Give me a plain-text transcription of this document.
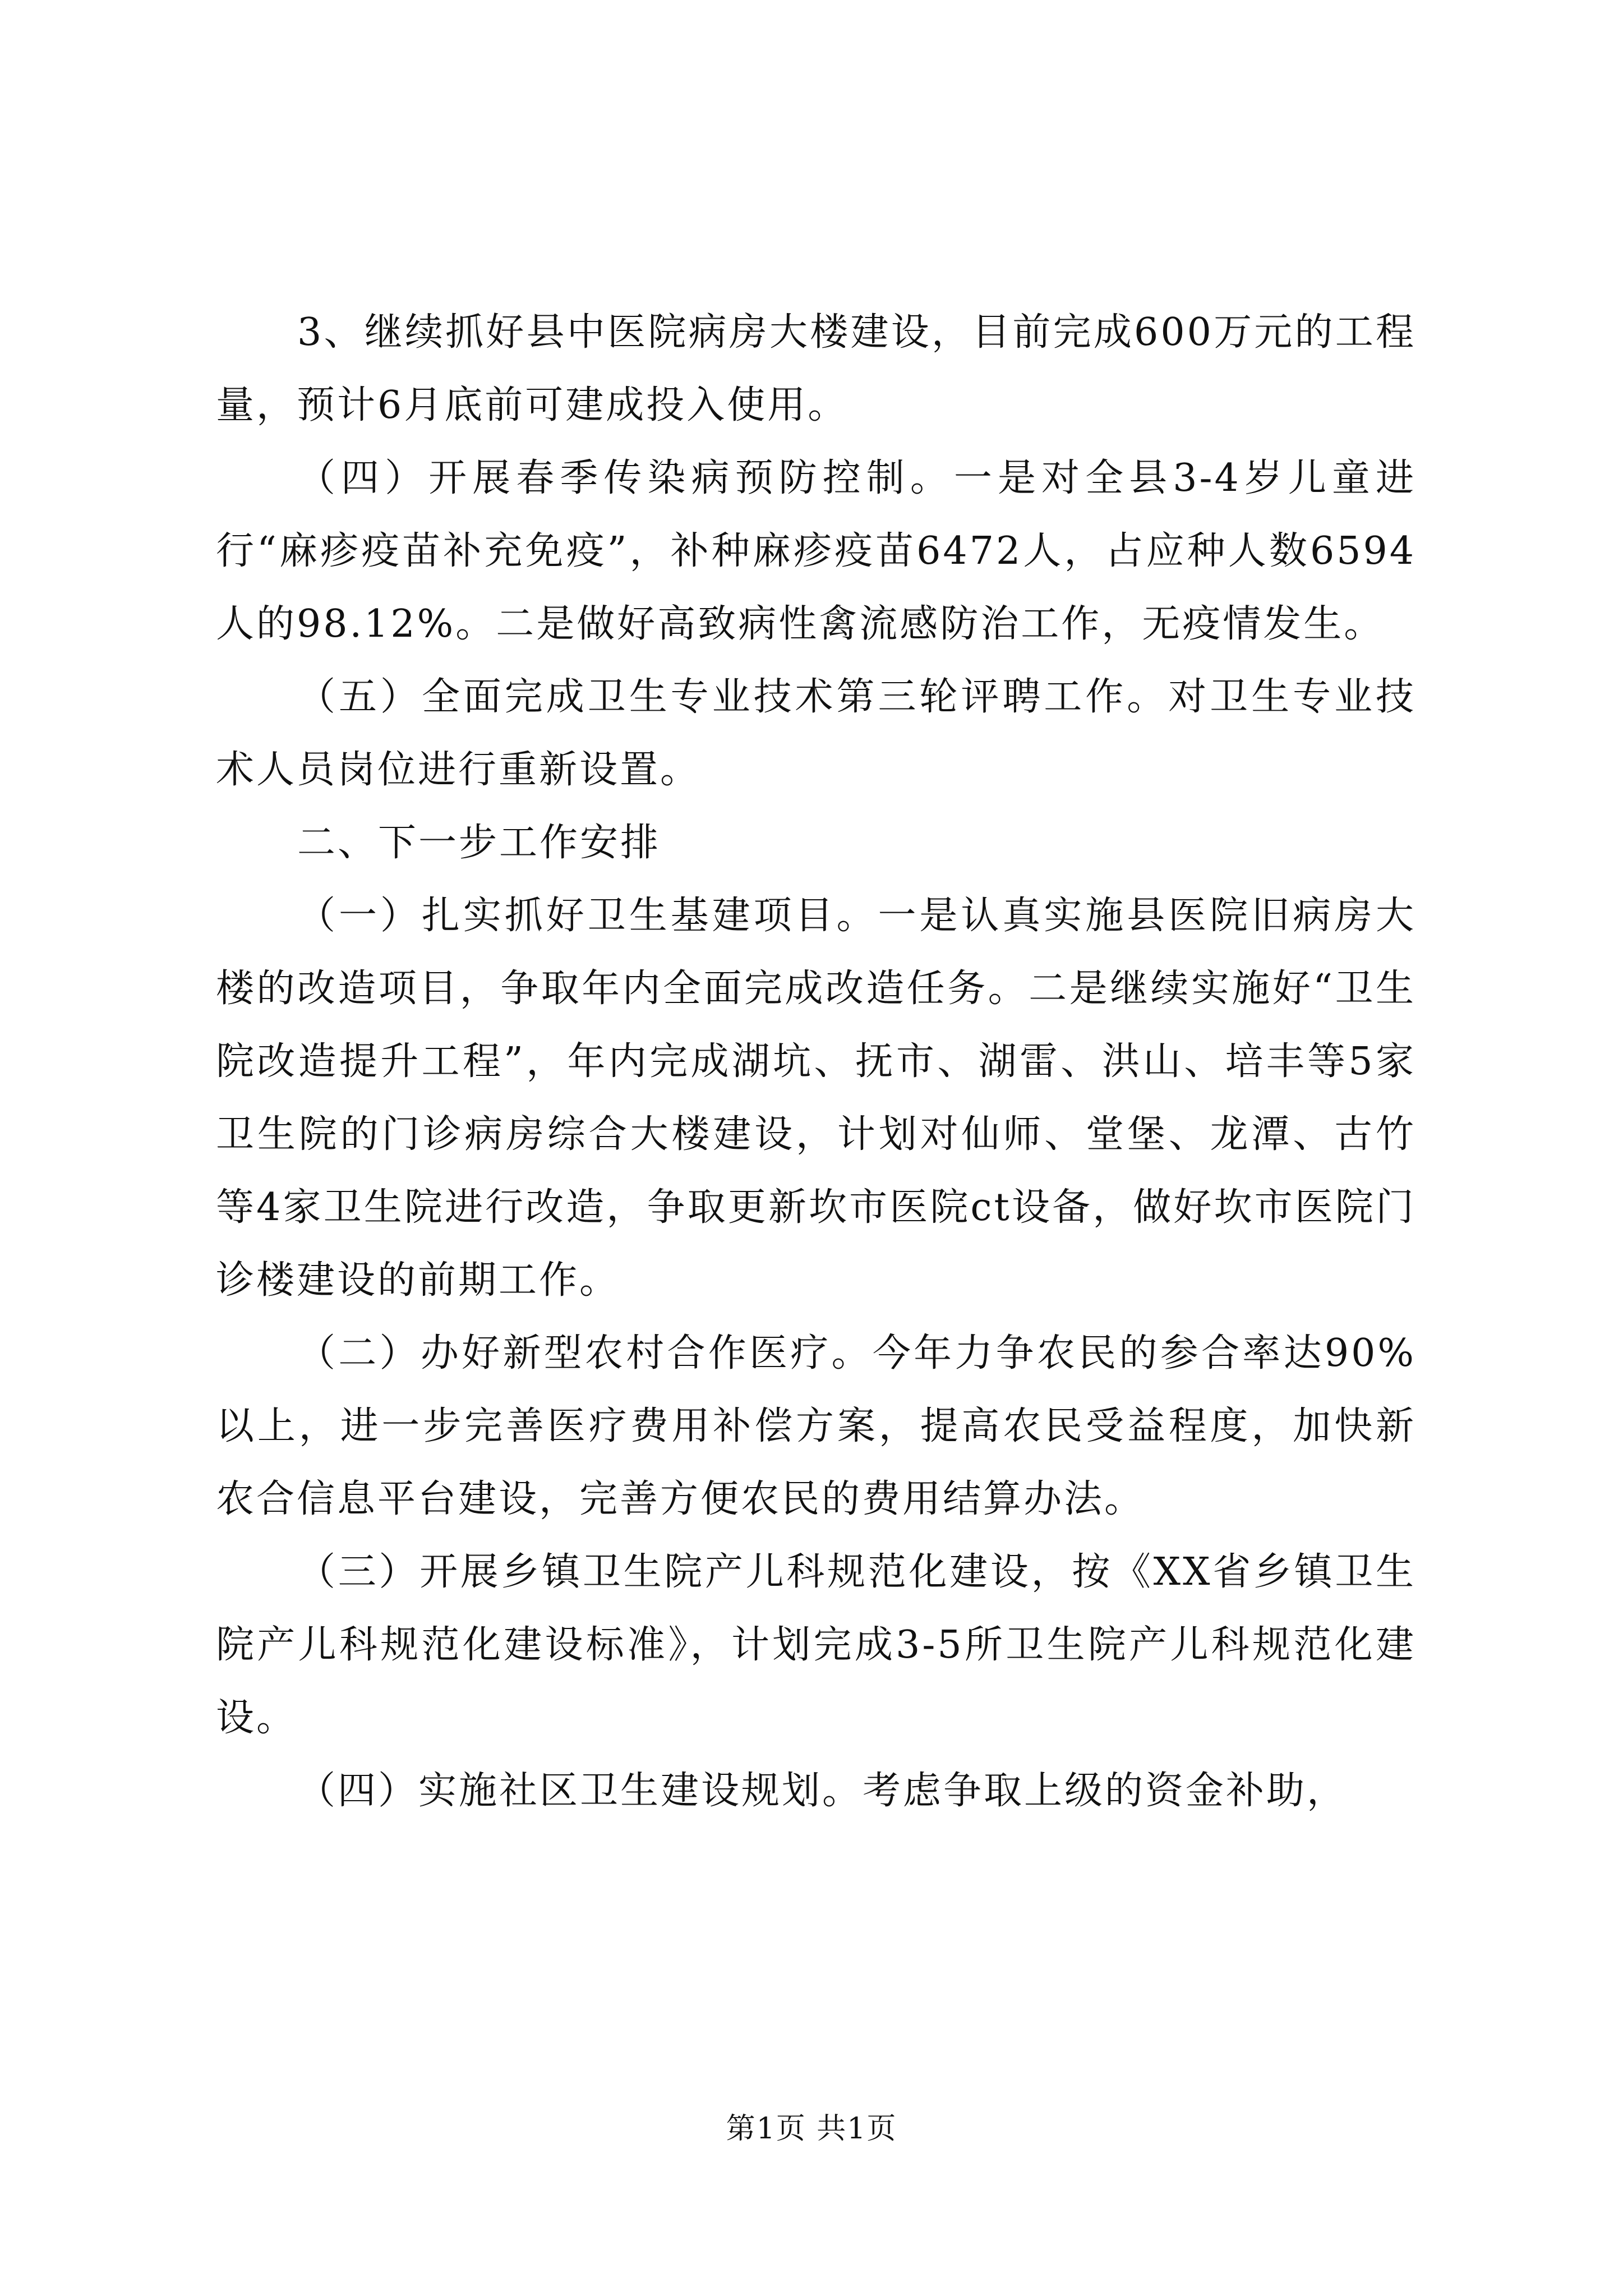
3、继续抓好县中医院病房大楼建设，目前完成600万元的工程量，预计6月底前可建成投入使用。

（四）开展春季传染病预防控制。一是对全县3-4岁儿童进行“麻疹疫苗补充免疫”，补种麻疹疫苗6472人，占应种人数6594人的98.12%。二是做好高致病性禽流感防治工作，无疫情发生。

（五）全面完成卫生专业技术第三轮评聘工作。对卫生专业技术人员岗位进行重新设置。

二、下一步工作安排

（一）扎实抓好卫生基建项目。一是认真实施县医院旧病房大楼的改造项目，争取年内全面完成改造任务。二是继续实施好“卫生院改造提升工程”，年内完成湖坑、抚市、湖雷、洪山、培丰等5家卫生院的门诊病房综合大楼建设，计划对仙师、堂堡、龙潭、古竹等4家卫生院进行改造，争取更新坎市医院ct设备，做好坎市医院门诊楼建设的前期工作。

（二）办好新型农村合作医疗。今年力争农民的参合率达90%以上，进一步完善医疗费用补偿方案，提高农民受益程度，加快新农合信息平台建设，完善方便农民的费用结算办法。

（三）开展乡镇卫生院产儿科规范化建设，按《XX省乡镇卫生院产儿科规范化建设标准》，计划完成3-5所卫生院产儿科规范化建设。

（四）实施社区卫生建设规划。考虑争取上级的资金补助，

第1页 共1页
